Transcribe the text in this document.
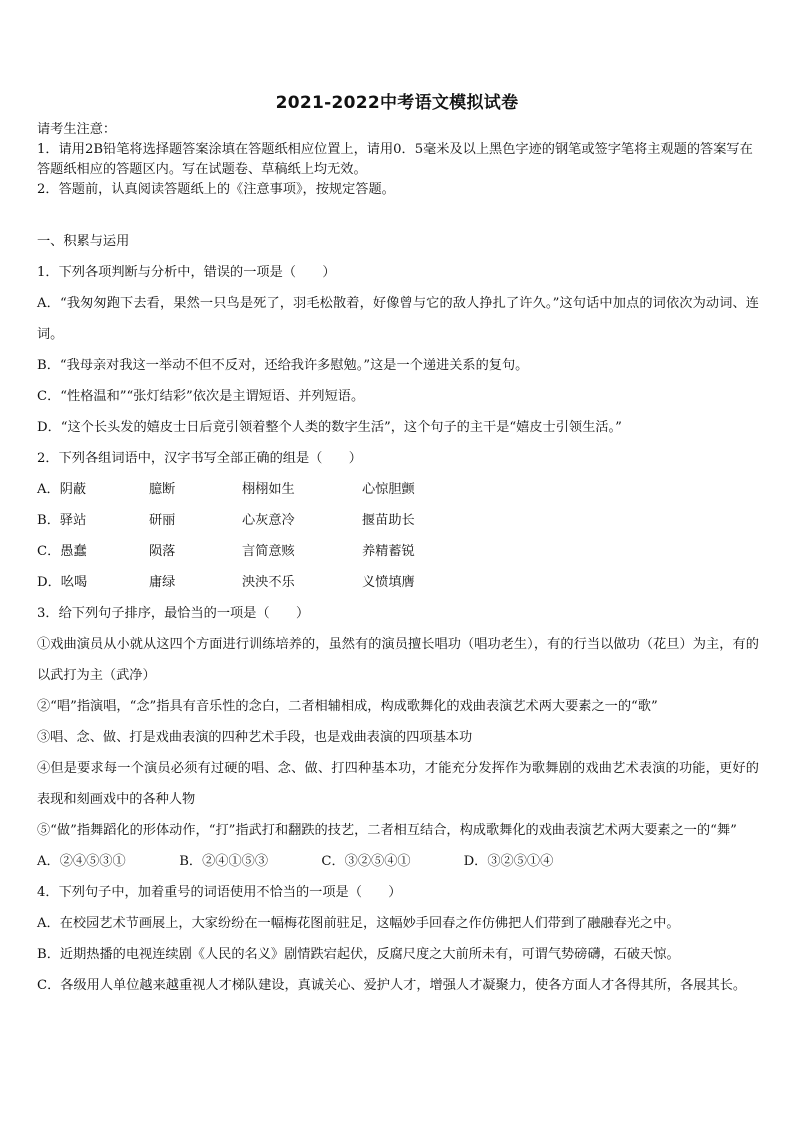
2021-2022中考语文模拟试卷

请考生注意：

1．请用2B铅笔将选择题答案涂填在答题纸相应位置上，请用0．5毫米及以上黑色字迹的钢笔或签字笔将主观题的答案写在答题纸相应的答题区内。写在试题卷、草稿纸上均无效。

2．答题前，认真阅读答题纸上的《注意事项》，按规定答题。

一、积累与运用

1．下列各项判断与分析中，错误的一项是（　　）

A．“我匆匆跑下去看，果然一只鸟是死了，羽毛松散着，好像曾与它的敌人挣扎了许久。”这句话中加点的词依次为动词、连词。

B．“我母亲对我这一举动不但不反对，还给我许多慰勉。”这是一个递进关系的复句。

C．“性格温和”“张灯结彩”依次是主谓短语、并列短语。

D．“这个长头发的嬉皮士日后竟引领着整个人类的数字生活”，这个句子的主干是“嬉皮士引领生活。”

2．下列各组词语中，汉字书写全部正确的组是（　　）

A．阴蔽	臆断	栩栩如生	心惊胆颤

B．驿站	研丽	心灰意冷	揠苗助长

C．愚蠢	陨落	言简意赅	养精蓄锐

D．吆喝	庸绿	泱泱不乐	义愤填膺

3．给下列句子排序，最恰当的一项是（　　）

①戏曲演员从小就从这四个方面进行训练培养的，虽然有的演员擅长唱功（唱功老生），有的行当以做功（花旦）为主，有的以武打为主（武净）

②“唱”指演唱，“念”指具有音乐性的念白，二者相辅相成，构成歌舞化的戏曲表演艺术两大要素之一的“歌”

③唱、念、做、打是戏曲表演的四种艺术手段，也是戏曲表演的四项基本功

④但是要求每一个演员必须有过硬的唱、念、做、打四种基本功，才能充分发挥作为歌舞剧的戏曲艺术表演的功能，更好的表现和刻画戏中的各种人物

⑤“做”指舞蹈化的形体动作，“打”指武打和翻跌的技艺，二者相互结合，构成歌舞化的戏曲表演艺术两大要素之一的“舞”

A．②④⑤③①	B．②④①⑤③	C．③②⑤④①	D．③②⑤①④

4．下列句子中，加着重号的词语使用不恰当的一项是（　　）

A．在校园艺术节画展上，大家纷纷在一幅梅花图前驻足，这幅妙手回春之作仿佛把人们带到了融融春光之中。

B．近期热播的电视连续剧《人民的名义》剧情跌宕起伏，反腐尺度之大前所未有，可谓气势磅礴，石破天惊。

C．各级用人单位越来越重视人才梯队建设，真诚关心、爱护人才，增强人才凝聚力，使各方面人才各得其所，各展其长。
